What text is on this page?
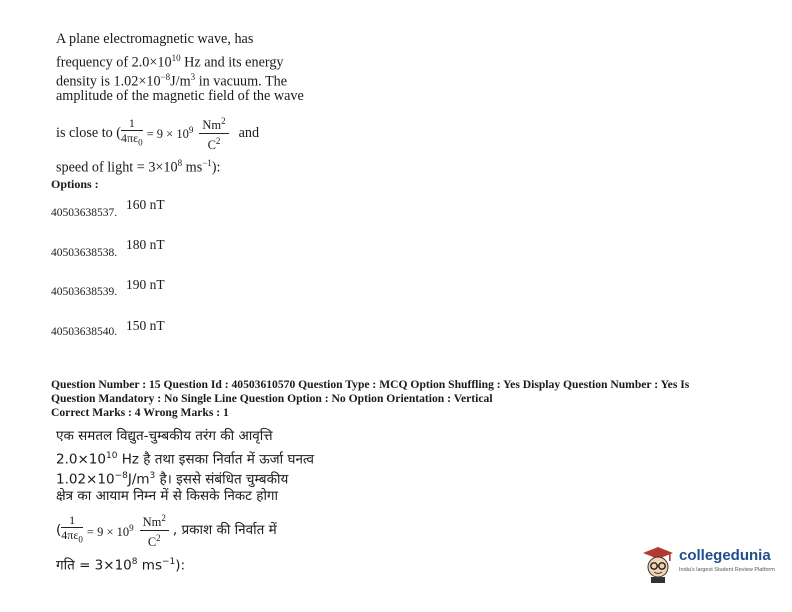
A plane electromagnetic wave, has
frequency of $2.0\times 10^{10}$ Hz and its energy
density is $1.02\times 10^{-8}J/m^3$ in vacuum. The
amplitude of the magnetic field of the wave
is close to ( $\frac{1}{4\pi\varepsilon_0} = 9 \times 10^9 \frac{Nm^2}{C^2}$ and
speed of light = $3\times 10^8$ $ms^{-1}$):
Options :
40503638537.
160 nT
40503638538.
180 nT
40503638539. 190 nT
40503638540. 150 nT
Question Number : 15 Question Id : 40503610570 Question Type : MCQ Option Shuffling : Yes Display Question Number : Yes Is
Question Mandatory : No Single Line Question Option : No Option Orientation : Vertical
Correct Marks : 4 Wrong Marks : 1
एक समतल विद्युत-चुम्बकीय तरंग की आवृत्ति
$2.0\times 10^{10}$ Hz है तथा इसका निर्वात में ऊर्जा घनत्व
$1.02\times 10^{-8}J/m^3$ है। इससे संबंधित चुम्बकीय
क्षेत्र का आयाम निम्न में से किसके निकट होगा
( $\frac{1}{4\pi\varepsilon_0} = 9 \times 10^9 \frac{Nm^2}{C^2}$ , प्रकाश की निर्वात में
गति = $3\times 10^8$ $ms^{-1}$):
collegedunia
India's largest Student Review Platform
